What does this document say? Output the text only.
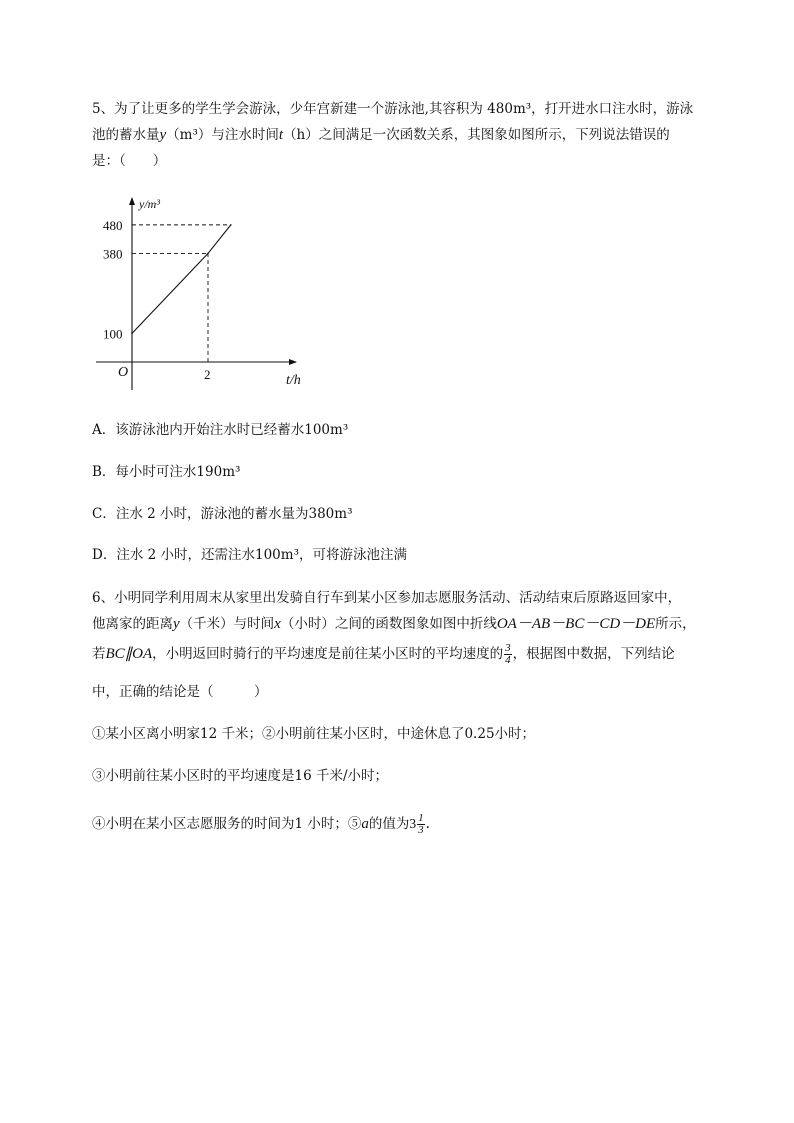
5、为了让更多的学生学会游泳，少年宫新建一个游泳池,其容积为 480m³，打开进水口注水时，游泳
池的蓄水量y（m³）与注水时间t（h）之间满足一次函数关系，其图象如图所示，下列说法错误的
是：（　　）
100
380
480
2
O
t/h
y/m³
A．该游泳池内开始注水时已经蓄水100m³
B．每小时可注水190m³
C．注水 2 小时，游泳池的蓄水量为380m³
D．注水 2 小时，还需注水100m³，可将游泳池注满
6、小明同学利用周末从家里出发骑自行车到某小区参加志愿服务活动、活动结束后原路返回家中，
他离家的距离y（千米）与时间x（小时）之间的函数图象如图中折线OA－AB－BC－CD－DE所示，
若BC∥OA，小明返回时骑行的平均速度是前往某小区时的平均速度的 $\frac{3}{4}$ ，根据图中数据，下列结论
中，正确的结论是（　　　）
①某小区离小明家12 千米；②小明前往某小区时，中途休息了0.25小时；
③小明前往某小区时的平均速度是16 千米/小时；
④小明在某小区志愿服务的时间为1 小时；⑤a的值为$3 \frac{1}{3}$ .
